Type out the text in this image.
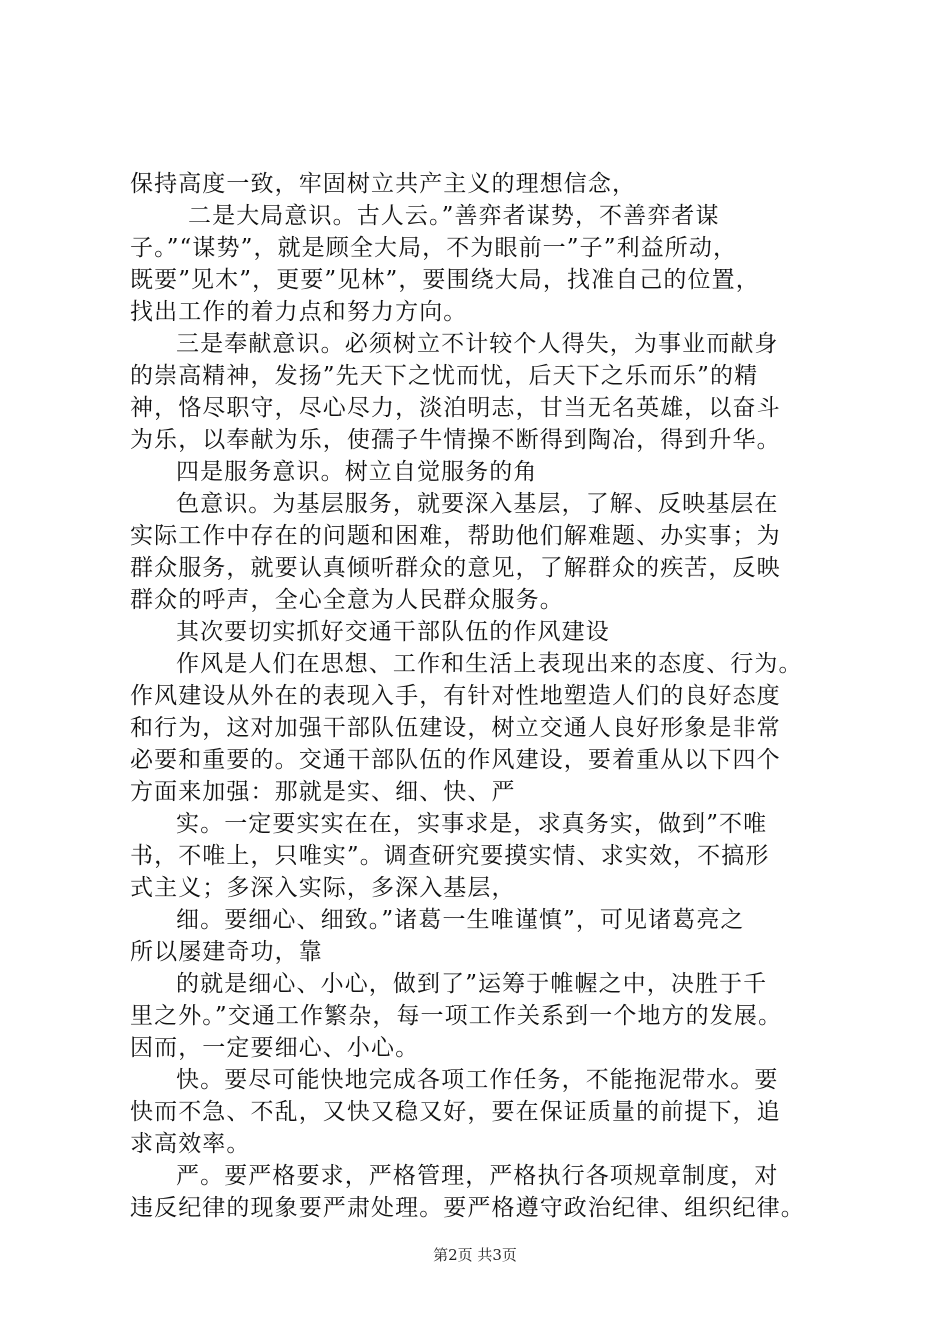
保持高度一致，牢固树立共产主义的理想信念，
二是大局意识。古人云。”善弈者谋势，不善弈者谋
子。”“谋势”，就是顾全大局，不为眼前一”子”利益所动，
既要”见木”，更要”见林”，要围绕大局，找准自己的位置，
找出工作的着力点和努力方向。
三是奉献意识。必须树立不计较个人得失，为事业而献身
的崇高精神，发扬”先天下之忧而忧，后天下之乐而乐”的精
神，恪尽职守，尽心尽力，淡泊明志，甘当无名英雄，以奋斗
为乐，以奉献为乐，使孺子牛情操不断得到陶冶，得到升华。
四是服务意识。树立自觉服务的角
色意识。为基层服务，就要深入基层，了解、反映基层在
实际工作中存在的问题和困难，帮助他们解难题、办实事；为
群众服务，就要认真倾听群众的意见，了解群众的疾苦，反映
群众的呼声，全心全意为人民群众服务。
其次要切实抓好交通干部队伍的作风建设
作风是人们在思想、工作和生活上表现出来的态度、行为。
作风建设从外在的表现入手，有针对性地塑造人们的良好态度
和行为，这对加强干部队伍建设，树立交通人良好形象是非常
必要和重要的。交通干部队伍的作风建设，要着重从以下四个
方面来加强：那就是实、细、快、严
实。一定要实实在在，实事求是，求真务实，做到”不唯
书，不唯上，只唯实”。调查研究要摸实情、求实效，不搞形
式主义；多深入实际，多深入基层，
细。要细心、细致。”诸葛一生唯谨慎”，可见诸葛亮之
所以屡建奇功，靠
的就是细心、小心，做到了”运筹于帷幄之中，决胜于千
里之外。”交通工作繁杂，每一项工作关系到一个地方的发展。
因而，一定要细心、小心。
快。要尽可能快地完成各项工作任务，不能拖泥带水。要
快而不急、不乱，又快又稳又好，要在保证质量的前提下，追
求高效率。
严。要严格要求，严格管理，严格执行各项规章制度，对
违反纪律的现象要严肃处理。要严格遵守政治纪律、组织纪律。
第2页 共3页
